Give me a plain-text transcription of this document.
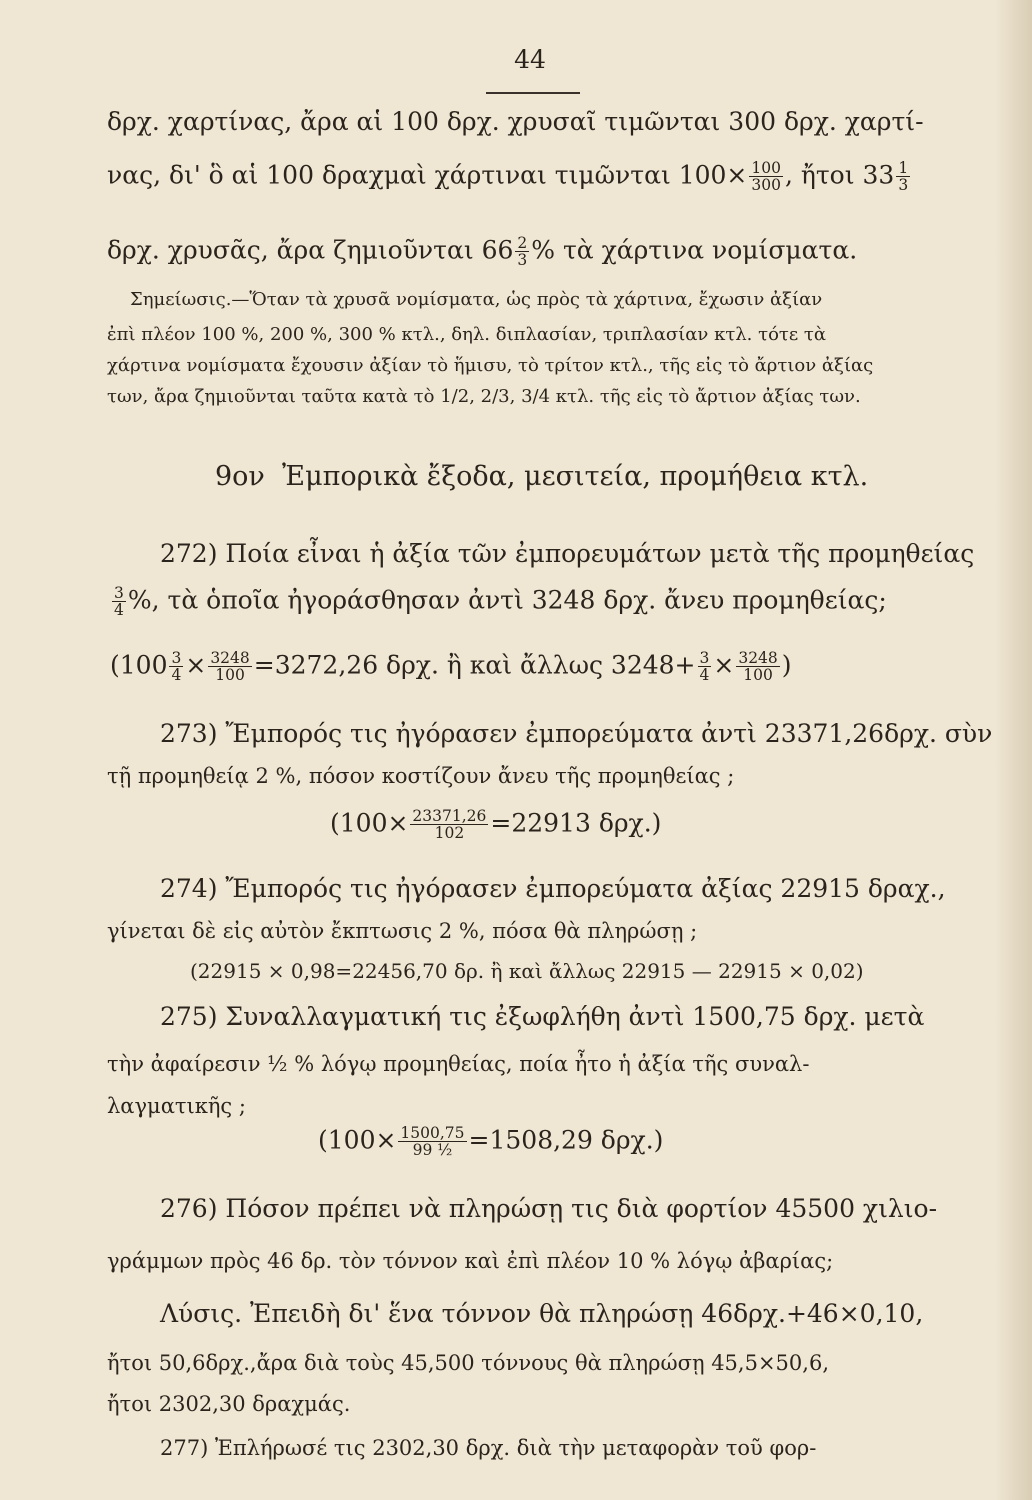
44
δρχ. χαρτίνας, ἄρα αἱ 100 δρχ. χρυσαῖ τιμῶνται 300 δρχ. χαρτί-
νας, δι' ὃ αἱ 100 δραχμαὶ χάρτιναι τιμῶνται $100\times \frac{100}{300}$ , ἤτοι $33 \frac{1}{3}$
δρχ. χρυσᾶς, ἄρα ζημιοῦνται $66 \frac{2}{3}$ % τὰ χάρτινα νομίσματα.
Σημείωσις.—Ὅταν τὰ χρυσᾶ νομίσματα, ὡς πρὸς τὰ χάρτινα, ἔχωσιν ἀξίαν
ἐπὶ πλέον 100 %, 200 %, 300 % κτλ., δηλ. διπλασίαν, τριπλασίαν κτλ. τότε τὰ
χάρτινα νομίσματα ἔχουσιν ἀξίαν τὸ ἥμισυ, τὸ τρίτον κτλ., τῆς εἰς τὸ ἄρτιον ἀξίας
των, ἄρα ζημιοῦνται ταῦτα κατὰ τὸ 1/2, 2/3, 3/4 κτλ. τῆς εἰς τὸ ἄρτιον ἀξίας των.
9ον Ἐμπορικὰ ἔξοδα, μεσιτεία, προμήθεια κτλ.
272) Ποία εἶναι ἡ ἀξία τῶν ἐμπορευμάτων μετὰ τῆς προμηθείας
$\frac{3}{4}$ %, τὰ ὁποῖα ἠγοράσθησαν ἀντὶ 3248 δρχ. ἄνευ προμηθείας;
($100 \frac{3}{4} \times \frac{3248}{100} =3272,26$ δρχ. ἢ καὶ ἄλλως $3248+ \frac{3}{4} \times \frac{3248}{100}$ )
273) Ἔμπορός τις ἠγόρασεν ἐμπορεύματα ἀντὶ 23371,26δρχ. σὺν
τῇ προμηθείᾳ 2 %, πόσον κοστίζουν ἄνευ τῆς προμηθείας ;
($100\times \frac{23371,26}{102} =22913$ δρχ.)
274) Ἔμπορός τις ἠγόρασεν ἐμπορεύματα ἀξίας 22915 δραχ.,
γίνεται δὲ εἰς αὐτὸν ἔκπτωσις 2 %, πόσα θὰ πληρώσῃ ;
(22915 × 0,98=22456,70 δρ. ἢ καὶ ἄλλως 22915 — 22915 × 0,02)
275) Συναλλαγματική τις ἐξωφλήθη ἀντὶ 1500,75 δρχ. μετὰ
τὴν ἀφαίρεσιν ½ % λόγῳ προμηθείας, ποία ἦτο ἡ ἀξία τῆς συναλ-
λαγματικῆς ;
($100\times \frac{1500,75}{\text{99 ½}} =1508,29$ δρχ.)
276) Πόσον πρέπει νὰ πληρώσῃ τις διὰ φορτίον 45500 χιλιο-
γράμμων πρὸς 46 δρ. τὸν τόννον καὶ ἐπὶ πλέον 10 % λόγῳ ἀβαρίας;
Λύσις. Ἐπειδὴ δι' ἕνα τόννον θὰ πληρώσῃ 46δρχ.+46×0,10,
ἤτοι 50,6δρχ.,ἄρα διὰ τοὺς 45,500 τόννους θὰ πληρώσῃ 45,5×50,6,
ἤτοι 2302,30 δραχμάς.
277) Ἐπλήρωσέ τις 2302,30 δρχ. διὰ τὴν μεταφορὰν τοῦ φορ-
